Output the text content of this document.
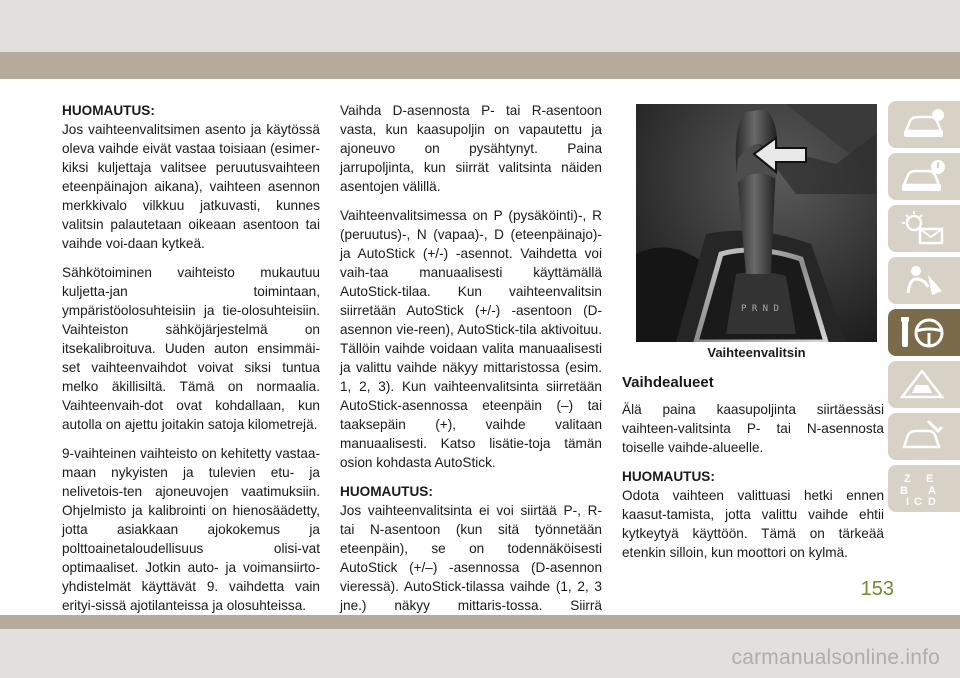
HUOMAUTUS:
Jos vaihteenvalitsimen asento ja käytössä oleva vaihde eivät vastaa toisiaan (esimer-kiksi kuljettaja valitsee peruutusvaihteen eteenpäinajon aikana), vaihteen asennon merkkivalo vilkkuu jatkuvasti, kunnes valitsin palautetaan oikeaan asentoon tai vaihde voi-daan kytkeä.

Sähkötoiminen vaihteisto mukautuu kuljetta-jan toimintaan, ympäristöolosuhteisiin ja tie-olosuhteisiin. Vaihteiston sähköjärjestelmä on itsekalibroituva. Uuden auton ensimmäi-set vaihteenvaihdot voivat siksi tuntua melko äkillisiltä. Tämä on normaalia. Vaihteenvaih-dot ovat kohdallaan, kun autolla on ajettu joitakin satoja kilometrejä.

9-vaihteinen vaihteisto on kehitetty vastaa-maan nykyisten ja tulevien etu- ja nelivetois-ten ajoneuvojen vaatimuksiin. Ohjelmisto ja kalibrointi on hienosäädetty, jotta asiakkaan ajokokemus ja polttoainetaloudellisuus olisi-vat optimaaliset. Jotkin auto- ja voimansiirto-yhdistelmät käyttävät 9. vaihdetta vain erityi-sissä ajotilanteissa ja olosuhteissa.

Vaihda D-asennosta P- tai R-asentoon vasta, kun kaasupoljin on vapautettu ja ajoneuvo on pysähtynyt. Paina jarrupoljinta, kun siirrät valitsinta näiden asentojen välillä.

Vaihteenvalitsimessa on P (pysäköinti)-, R (peruutus)-, N (vapaa)-, D (eteenpäinajo)- ja AutoStick (+/-) -asennot. Vaihdetta voi vaih-taa manuaalisesti käyttämällä AutoStick-tilaa. Kun vaihteenvalitsin siirretään AutoStick (+/-) -asentoon (D-asennon vie-reen), AutoStick-tila aktivoituu. Tällöin vaihde voidaan valita manuaalisesti ja valittu vaihde näkyy mittaristossa (esim. 1, 2, 3). Kun vaihteenvalitsinta siirretään AutoStick-asennossa eteenpäin (–) tai taaksepäin (+), vaihde valitaan manuaalisesti. Katso lisätie-toja tämän osion kohdasta AutoStick.

HUOMAUTUS:
Jos vaihteenvalitsinta ei voi siirtää P-, R- tai N-asentoon (kun sitä työnnetään eteenpäin), se on todennäköisesti AutoStick (+/–) -asennossa (D-asennon vieressä). AutoStick-tilassa vaihde (1, 2, 3 jne.) näkyy mittaris-tossa. Siirrä

P R N D
Vaihteenvalitsin
Vaihdealueet

Älä paina kaasupoljinta siirtäessäsi vaihteen-valitsinta P- tai N-asennosta toiselle vaihde-alueelle.

HUOMAUTUS:
Odota vaihteen valittuasi hetki ennen kaasut-tamista, jotta valittu vaihde ehtii kytkeytyä käyttöön. Tämä on tärkeää etenkin silloin, kun moottori on kylmä.

Z E
B A
I C D
153
carmanualsonline.info
